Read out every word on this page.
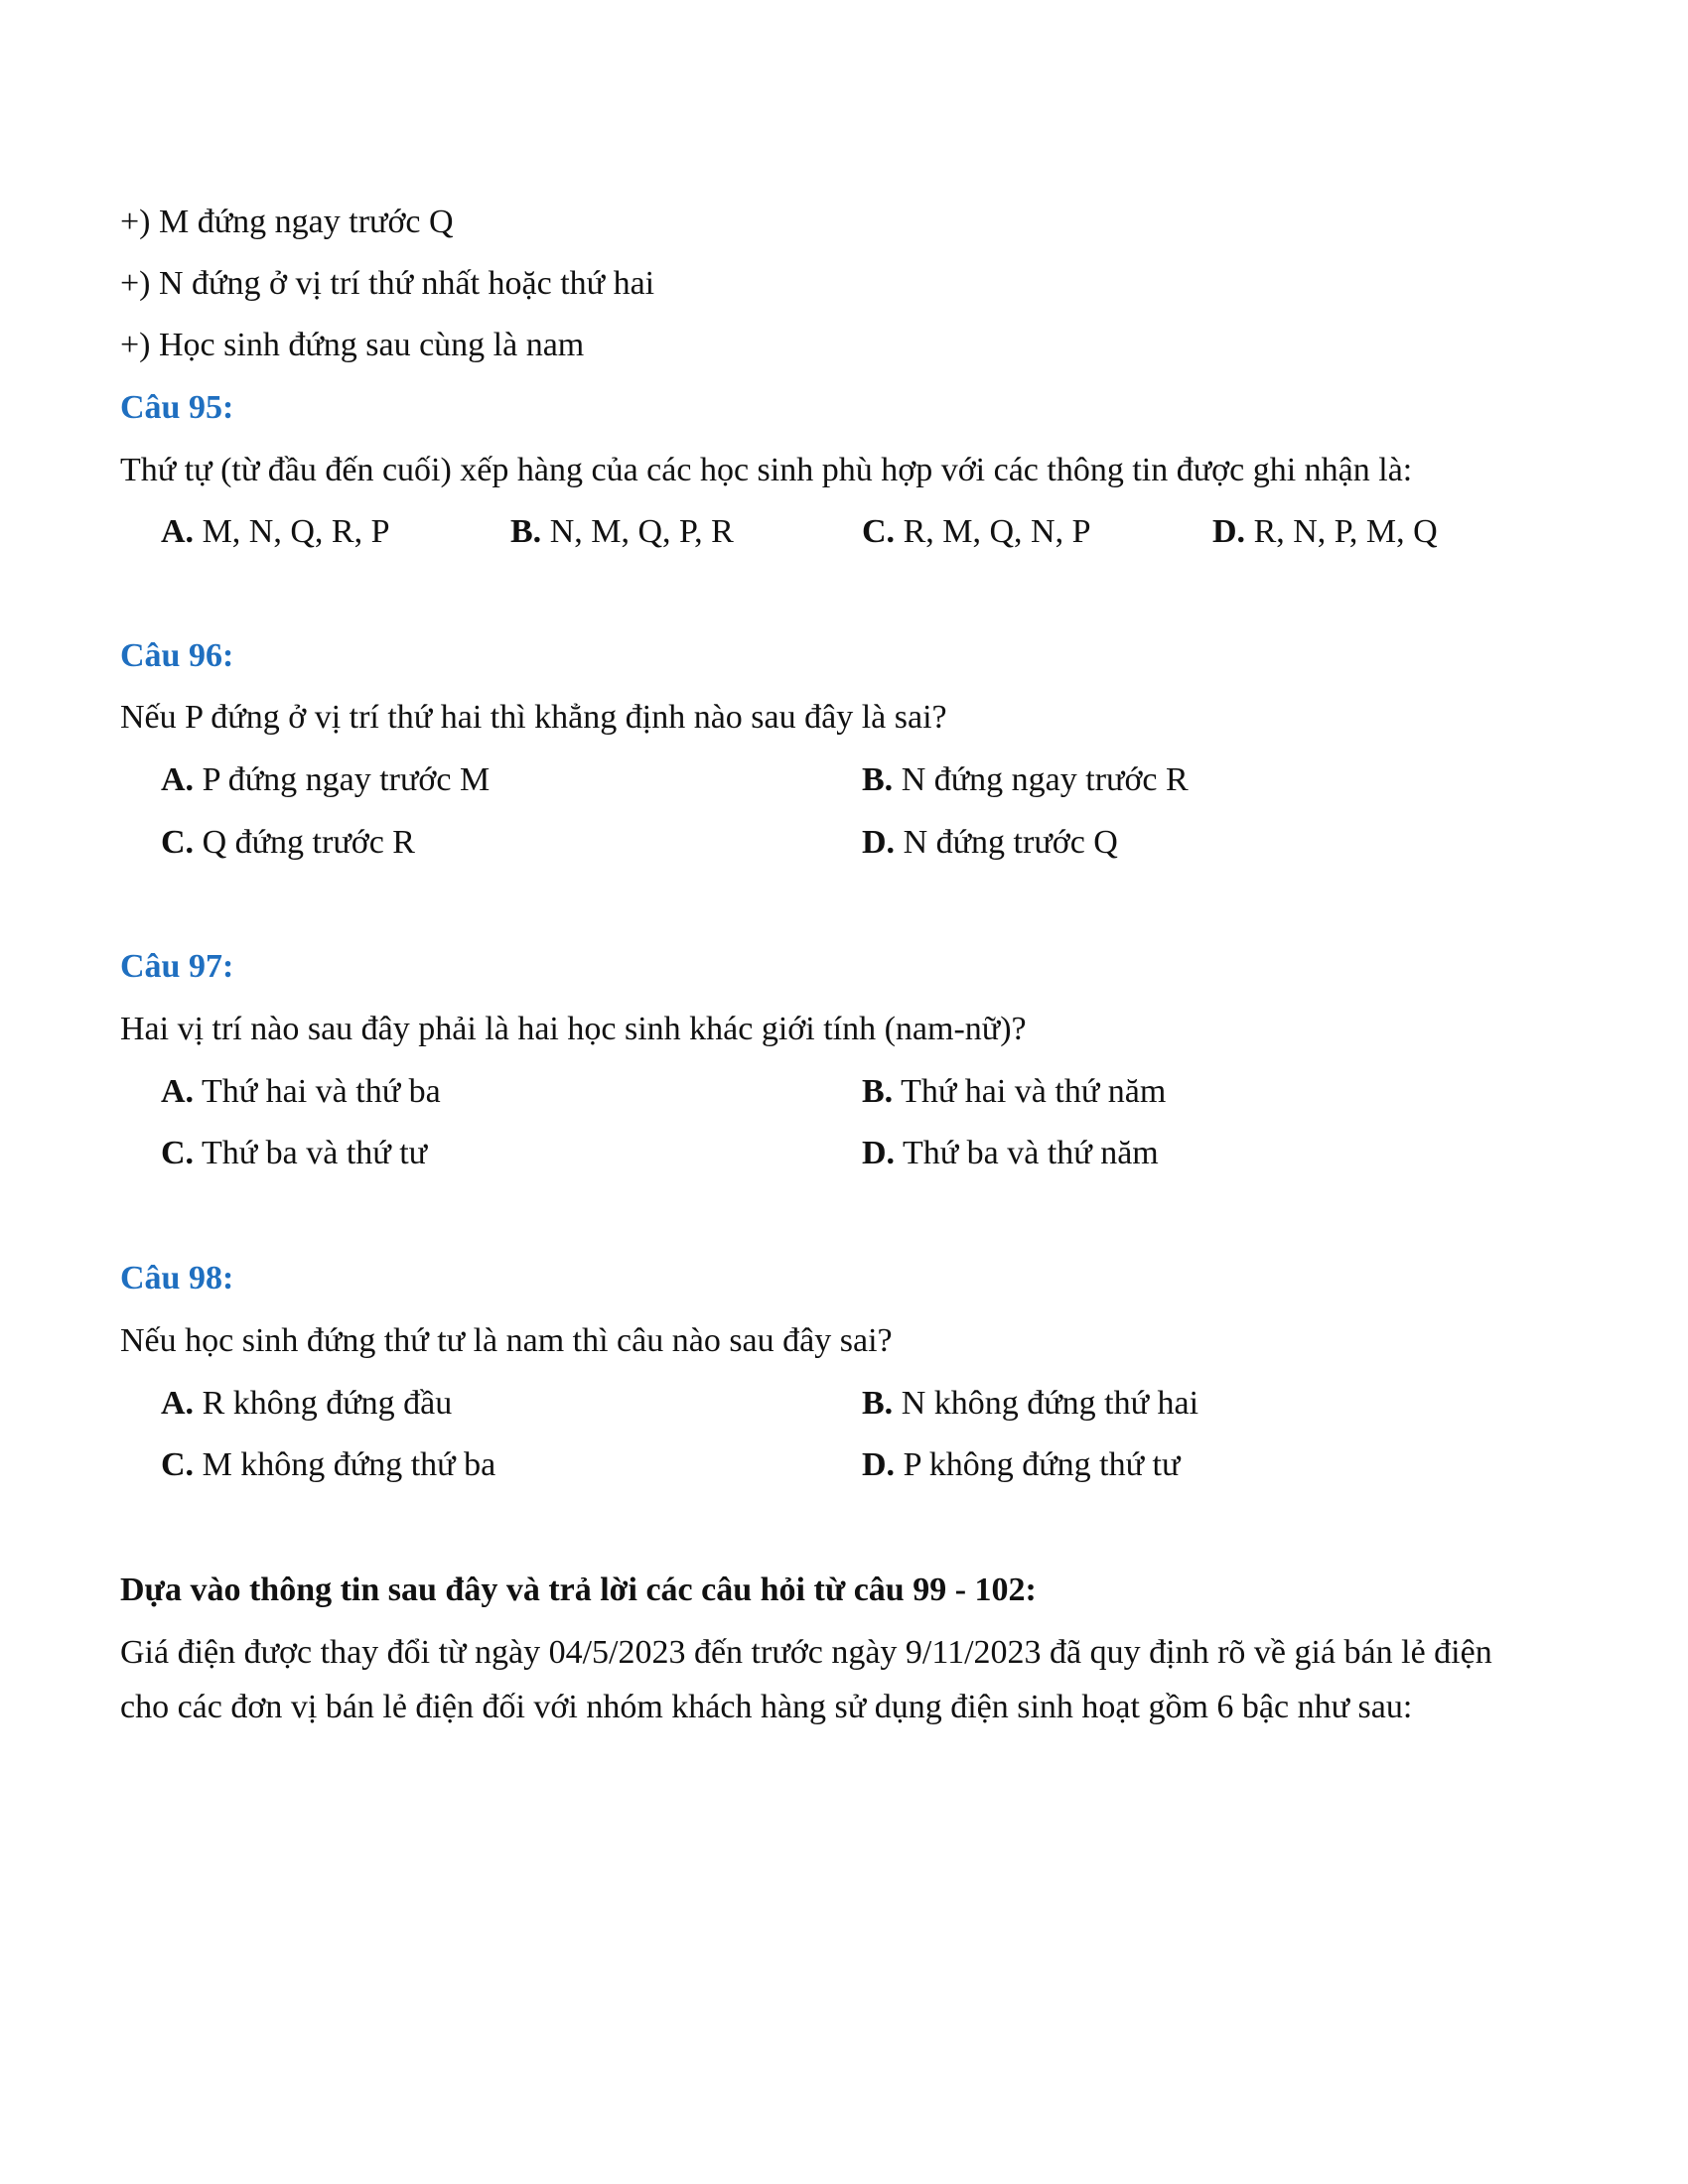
+) M đứng ngay trước Q
+) N đứng ở vị trí thứ nhất hoặc thứ hai
+) Học sinh đứng sau cùng là nam
Câu 95:
Thứ tự (từ đầu đến cuối) xếp hàng của các học sinh phù hợp với các thông tin được ghi nhận là:
A. M, N, Q, R, P	B. N, M, Q, P, R	C. R, M, Q, N, P	D. R, N, P, M, Q
Câu 96:
Nếu P đứng ở vị trí thứ hai thì khẳng định nào sau đây là sai?
A. P đứng ngay trước M	B. N đứng ngay trước R
C. Q đứng trước R	D. N đứng trước Q
Câu 97:
Hai vị trí nào sau đây phải là hai học sinh khác giới tính (nam-nữ)?
A. Thứ hai và thứ ba	B. Thứ hai và thứ năm
C. Thứ ba và thứ tư	D. Thứ ba và thứ năm
Câu 98:
Nếu học sinh đứng thứ tư là nam thì câu nào sau đây sai?
A. R không đứng đầu	B. N không đứng thứ hai
C. M không đứng thứ ba	D. P không đứng thứ tư
Dựa vào thông tin sau đây và trả lời các câu hỏi từ câu 99 - 102:
Giá điện được thay đổi từ ngày 04/5/2023 đến trước ngày 9/11/2023 đã quy định rõ về giá bán lẻ điện
cho các đơn vị bán lẻ điện đối với nhóm khách hàng sử dụng điện sinh hoạt gồm 6 bậc như sau:
